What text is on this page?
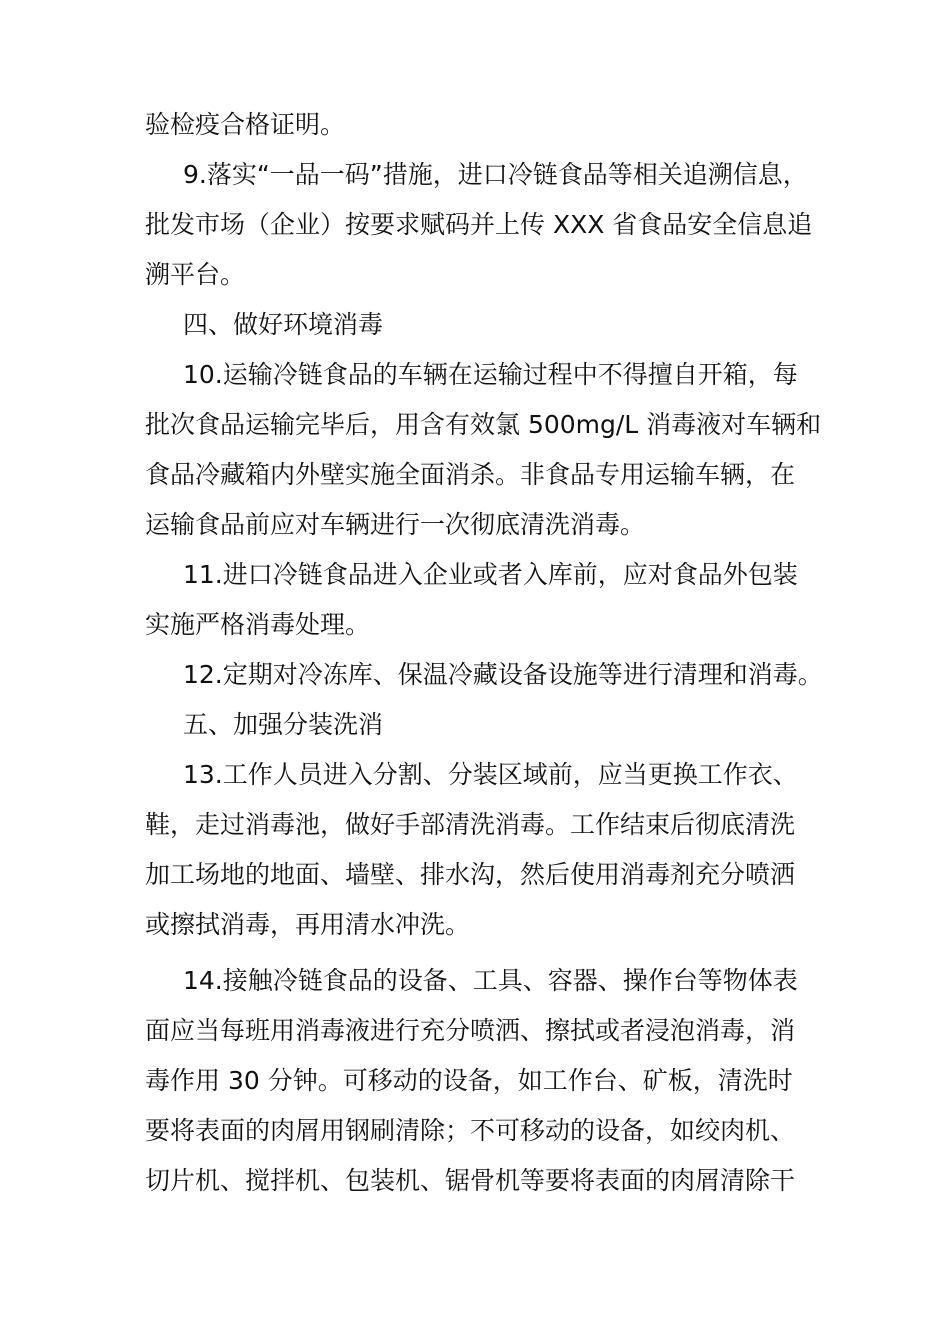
验检疫合格证明。
9.落实“一品一码”措施，进口冷链食品等相关追溯信息，
批发市场（企业）按要求赋码并上传 XXX 省食品安全信息追
溯平台。
四、做好环境消毒
10.运输冷链食品的车辆在运输过程中不得擅自开箱，每
批次食品运输完毕后，用含有效氯 500mg/L 消毒液对车辆和
食品冷藏箱内外壁实施全面消杀。非食品专用运输车辆，在
运输食品前应对车辆进行一次彻底清洗消毒。
11.进口冷链食品进入企业或者入库前，应对食品外包装
实施严格消毒处理。
12.定期对冷冻库、保温冷藏设备设施等进行清理和消毒。
五、加强分装洗消
13.工作人员进入分割、分装区域前，应当更换工作衣、
鞋，走过消毒池，做好手部清洗消毒。工作结束后彻底清洗
加工场地的地面、墙壁、排水沟，然后使用消毒剂充分喷洒
或擦拭消毒，再用清水冲洗。
14.接触冷链食品的设备、工具、容器、操作台等物体表
面应当每班用消毒液进行充分喷洒、擦拭或者浸泡消毒，消
毒作用 30 分钟。可移动的设备，如工作台、矿板，清洗时
要将表面的肉屑用钢刷清除；不可移动的设备，如绞肉机、
切片机、搅拌机、包装机、锯骨机等要将表面的肉屑清除干
